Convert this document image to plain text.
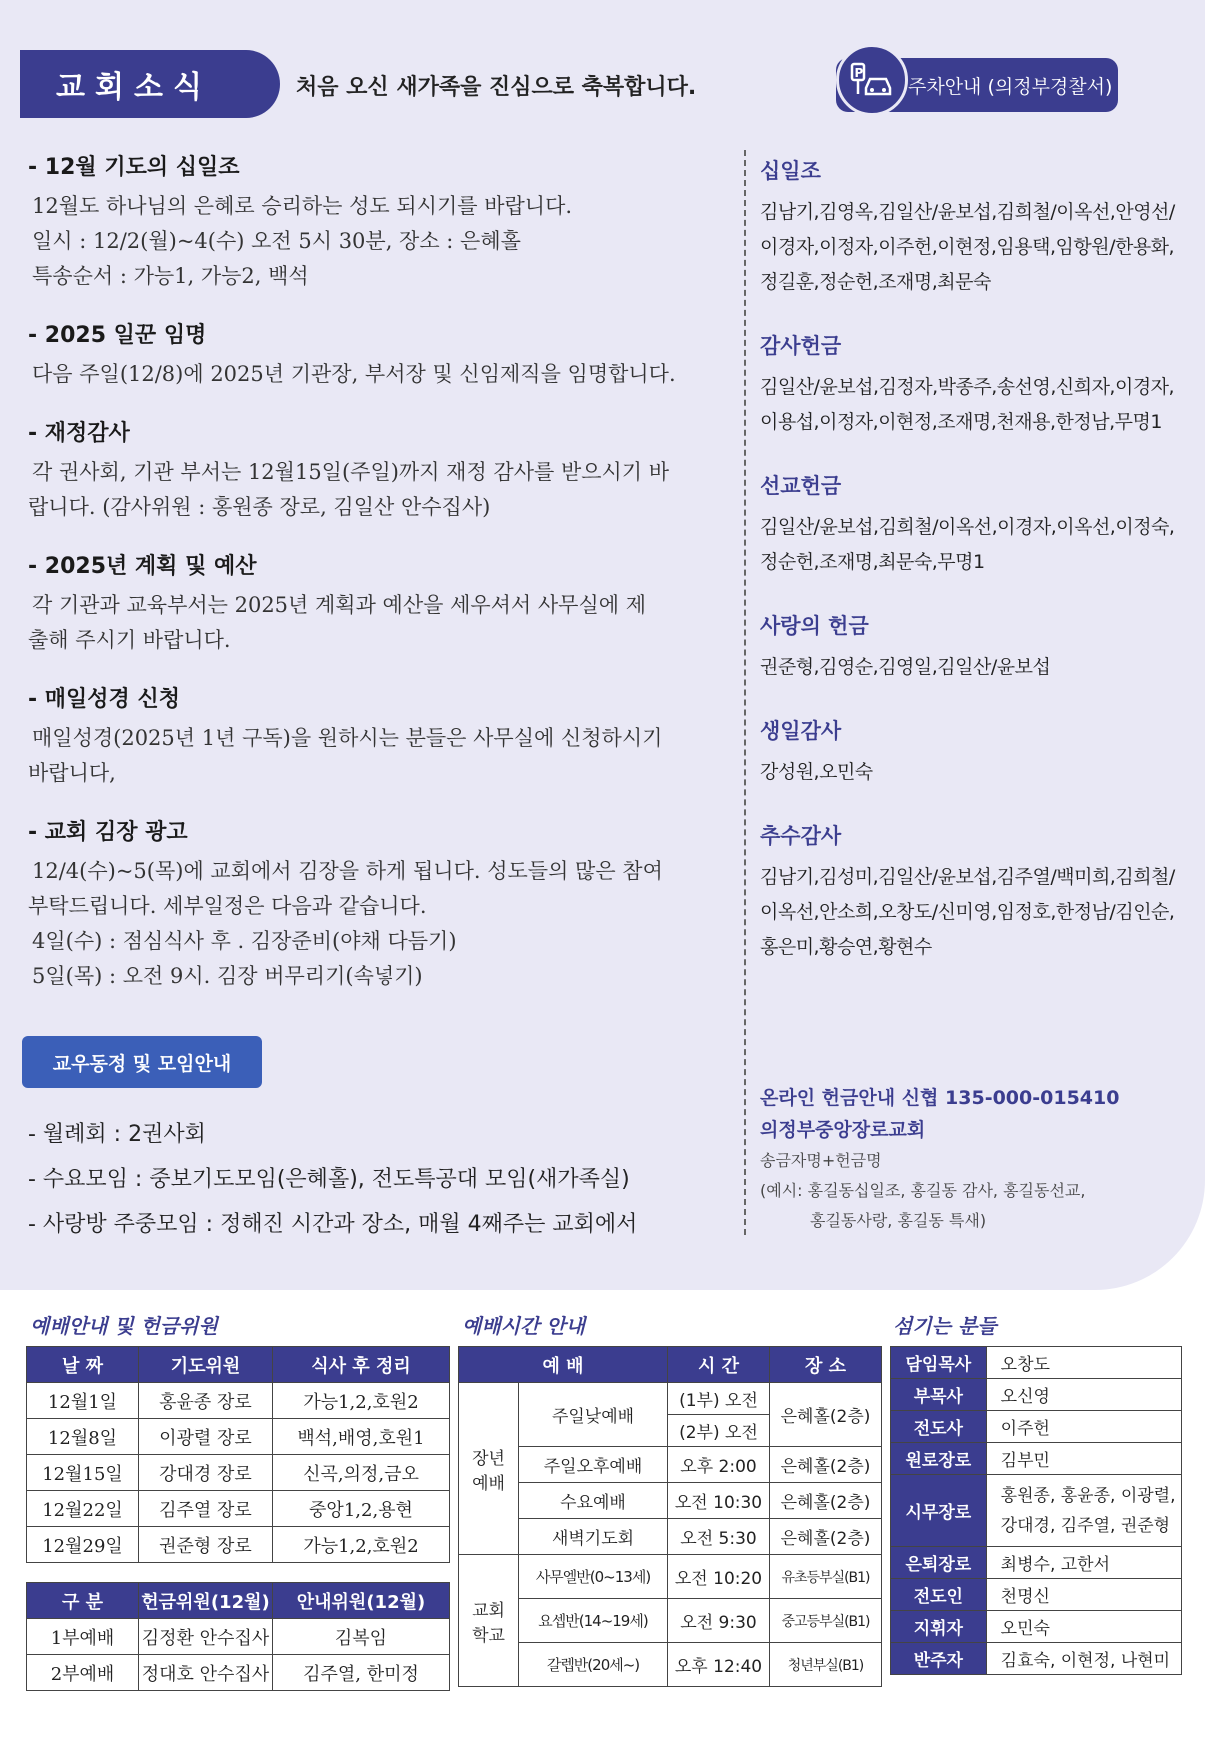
교회소식	처음 오신 새가족을 진심으로 축복합니다.	주차안내 (의정부경찰서)
P
- 12월 기도의 십일조
12월도 하나님의 은혜로 승리하는 성도 되시기를 바랍니다.
일시 : 12/2(월)~4(수) 오전 5시 30분, 장소 : 은혜홀
특송순서 : 가능1, 가능2, 백석
- 2025 일꾼 임명
다음 주일(12/8)에 2025년 기관장, 부서장 및 신임제직을 임명합니다.
- 재정감사
각 권사회, 기관 부서는 12월15일(주일)까지 재정 감사를 받으시기 바
랍니다. (감사위원 : 홍원종 장로, 김일산 안수집사)
- 2025년 계획 및 예산
각 기관과 교육부서는 2025년 계획과 예산을 세우셔서 사무실에 제
출해 주시기 바랍니다.
- 매일성경 신청
매일성경(2025년 1년 구독)을 원하시는 분들은 사무실에 신청하시기
바랍니다,
- 교회 김장 광고
12/4(수)~5(목)에 교회에서 김장을 하게 됩니다. 성도들의 많은 참여
부탁드립니다. 세부일정은 다음과 같습니다.
4일(수) : 점심식사 후 . 김장준비(야채 다듬기)
5일(목) : 오전 9시. 김장 버무리기(속넣기)
십일조
김남기,김영옥,김일산/윤보섭,김희철/이옥선,안영선/
이경자,이정자,이주헌,이현정,임용택,임항원/한용화,
정길훈,정순헌,조재명,최문숙
감사헌금
김일산/윤보섭,김정자,박종주,송선영,신희자,이경자,
이용섭,이정자,이현정,조재명,천재용,한정남,무명1
선교헌금
김일산/윤보섭,김희철/이옥선,이경자,이옥선,이정숙,
정순헌,조재명,최문숙,무명1
사랑의 헌금
권준형,김영순,김영일,김일산/윤보섭
생일감사
강성원,오민숙
추수감사
김남기,김성미,김일산/윤보섭,김주열/백미희,김희철/
이옥선,안소희,오창도/신미영,임정호,한정남/김인순,
홍은미,황승연,황현수
교우동정 및 모임안내
- 월례회 : 2권사회
- 수요모임 : 중보기도모임(은혜홀), 전도특공대 모임(새가족실)
- 사랑방 주중모임 : 정해진 시간과 장소, 매월 4째주는 교회에서
온라인 헌금안내 신협 135-000-015410
의정부중앙장로교회
송금자명+헌금명
(예시: 홍길동십일조, 홍길동 감사, 홍길동선교,
홍길동사랑, 홍길동 특새)
예배안내 및 헌금위원
날 짜	기도위원	식사 후 정리
12월1일	홍윤종 장로	가능1,2,호원2
12월8일	이광렬 장로	백석,배영,호원1
12월15일	강대경 장로	신곡,의정,금오
12월22일	김주열 장로	중앙1,2,용현
12월29일	권준형 장로	가능1,2,호원2
구 분	헌금위원(12월)	안내위원(12월)
1부예배	김정환 안수집사	김복임
2부예배	정대호 안수집사	김주열, 한미정
예배시간 안내
예 배		시 간	장 소
장년
예배	주일낮예배	(1부) 오전	은혜홀(2층)
		(2부) 오전	
	주일오후예배	오후 2:00	은혜홀(2층)
	수요예배	오전 10:30	은혜홀(2층)
	새벽기도회	오전 5:30	은혜홀(2층)
교회
학교	사무엘반(0~13세)	오전 10:20	유초등부실(B1)
	요셉반(14~19세)	오전 9:30	중고등부실(B1)
	갈렙반(20세~)	오후 12:40	청년부실(B1)
섬기는 분들
담임목사	오창도
부목사	오신영
전도사	이주헌
원로장로	김부민
시무장로	홍원종, 홍윤종, 이광렬,
강대경, 김주열, 권준형
은퇴장로	최병수, 고한서
전도인	천명신
지휘자	오민숙
반주자	김효숙, 이현정, 나현미
